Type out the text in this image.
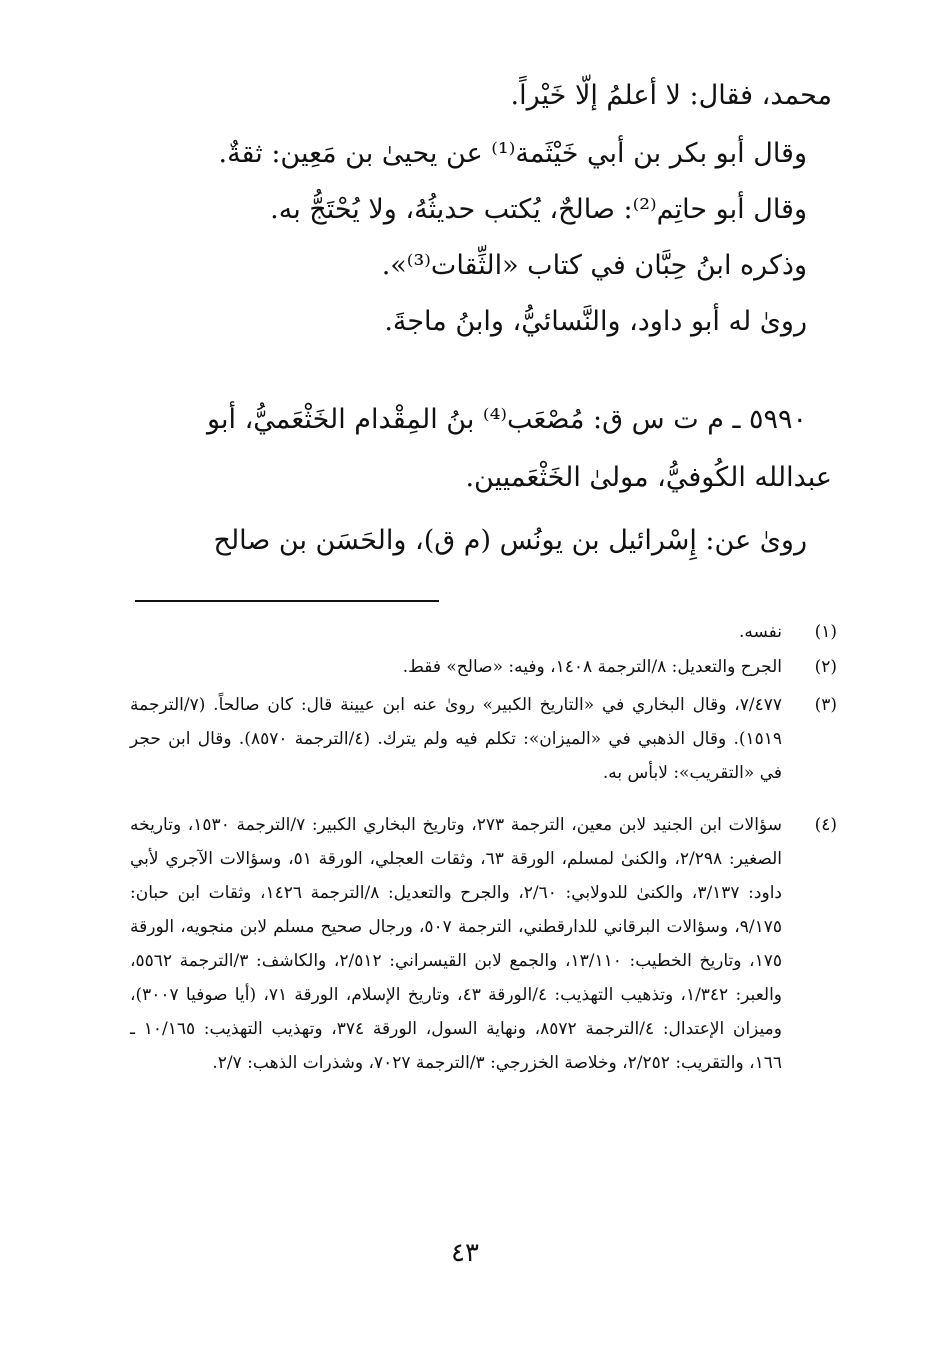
محمد، فقال: لا أعلمُ إلّا خَيْراً.
وقال أبو بكر بن أبي خَيْثَمة⁽¹⁾ عن يحيىٰ بن مَعِين: ثقةٌ.
وقال أبو حاتِم⁽²⁾: صالحٌ، يُكتب حديثُهُ، ولا يُحْتَجُّ به.
وذكره ابنُ حِبَّان في كتاب «الثِّقات⁽³⁾».
روىٰ له أبو داود، والنَّسائيُّ، وابنُ ماجةَ.
٥٩٩٠ ـ م ت س ق: مُصْعَب⁽⁴⁾ بنُ المِقْدام الخَثْعَميُّ، أبو
عبدالله الكُوفيُّ، مولىٰ الخَثْعَميين.
روىٰ عن: إِسْرائيل بن يونُس (م ق)، والحَسَن بن صالح
(١)
نفسه.
(٢)
الجرح والتعديل: ٨/الترجمة ١٤٠٨، وفيه: «صالح» فقط.
(٣)
٧/٤٧٧، وقال البخاري في «التاريخ الكبير» روىٰ عنه ابن عيينة قال: كان صالحاً. (٧/الترجمة ١٥١٩). وقال الذهبي في «الميزان»: تكلم فيه ولم يترك. (٤/الترجمة ٨٥٧٠). وقال ابن حجر في «التقريب»: لابأس به.
(٤)
سؤالات ابن الجنيد لابن معين، الترجمة ٢٧٣، وتاريخ البخاري الكبير: ٧/الترجمة ١٥٣٠، وتاريخه الصغير: ٢/٢٩٨، والكنىٰ لمسلم، الورقة ٦٣، وثقات العجلي، الورقة ٥١، وسؤالات الآجري لأبي داود: ٣/١٣٧، والكنىٰ للدولابي: ٢/٦٠، والجرح والتعديل: ٨/الترجمة ١٤٢٦، وثقات ابن حبان: ٩/١٧٥، وسؤالات البرقاني للدارقطني، الترجمة ٥٠٧، ورجال صحيح مسلم لابن منجويه، الورقة ١٧٥، وتاريخ الخطيب: ١٣/١١٠، والجمع لابن القيسراني: ٢/٥١٢، والكاشف: ٣/الترجمة ٥٥٦٢، والعبر: ١/٣٤٢، وتذهيب التهذيب: ٤/الورقة ٤٣، وتاريخ الإسلام، الورقة ٧١، (أيا صوفيا ٣٠٠٧)، وميزان الإعتدال: ٤/الترجمة ٨٥٧٢، ونهاية السول، الورقة ٣٧٤، وتهذيب التهذيب: ١٠/١٦٥ ـ ١٦٦، والتقريب: ٢/٢٥٢، وخلاصة الخزرجي: ٣/الترجمة ٧٠٢٧، وشذرات الذهب: ٢/٧.
٤٣
